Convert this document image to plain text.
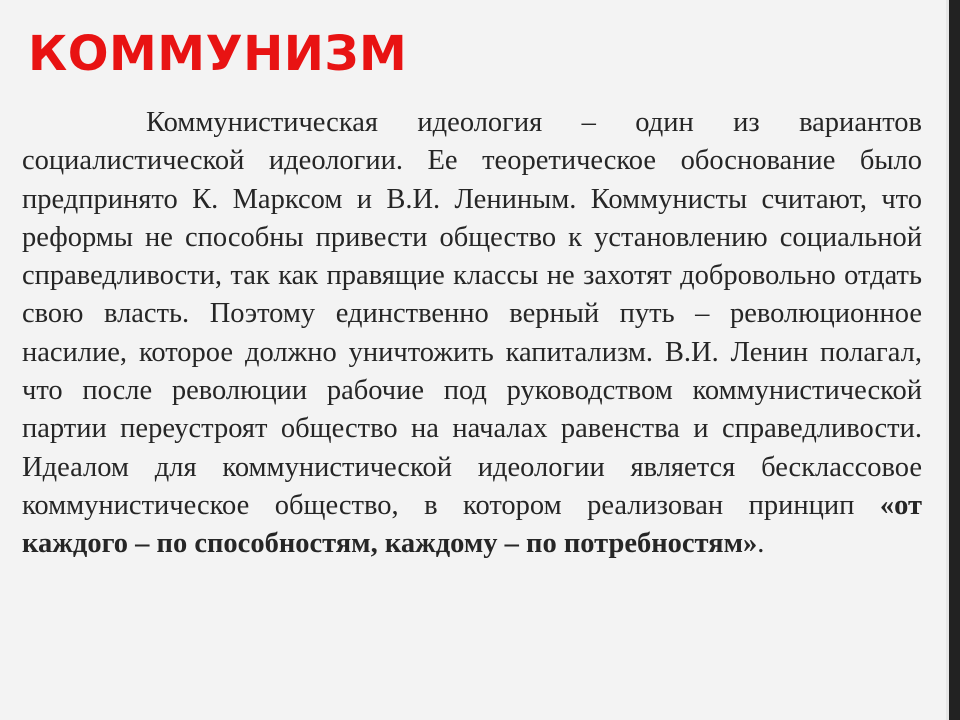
КОММУНИЗМ

Коммунистическая идеология – один из вариантов социалистической идеологии. Ее теоретическое обоснование было предпринято К. Марксом и В.И. Лениным. Коммунисты считают, что реформы не способны привести общество к установлению социальной справедливости, так как правящие классы не захотят добровольно отдать свою власть. Поэтому единственно верный путь – революционное насилие, которое должно уничтожить капитализм. В.И. Ленин полагал, что после революции рабочие под руководством коммунистической партии переустроят общество на началах равенства и справедливости. Идеалом для коммунистической идеологии является бесклассовое коммунистическое общество, в котором реализован принцип «от каждого – по способностям, каждому – по потребностям».
